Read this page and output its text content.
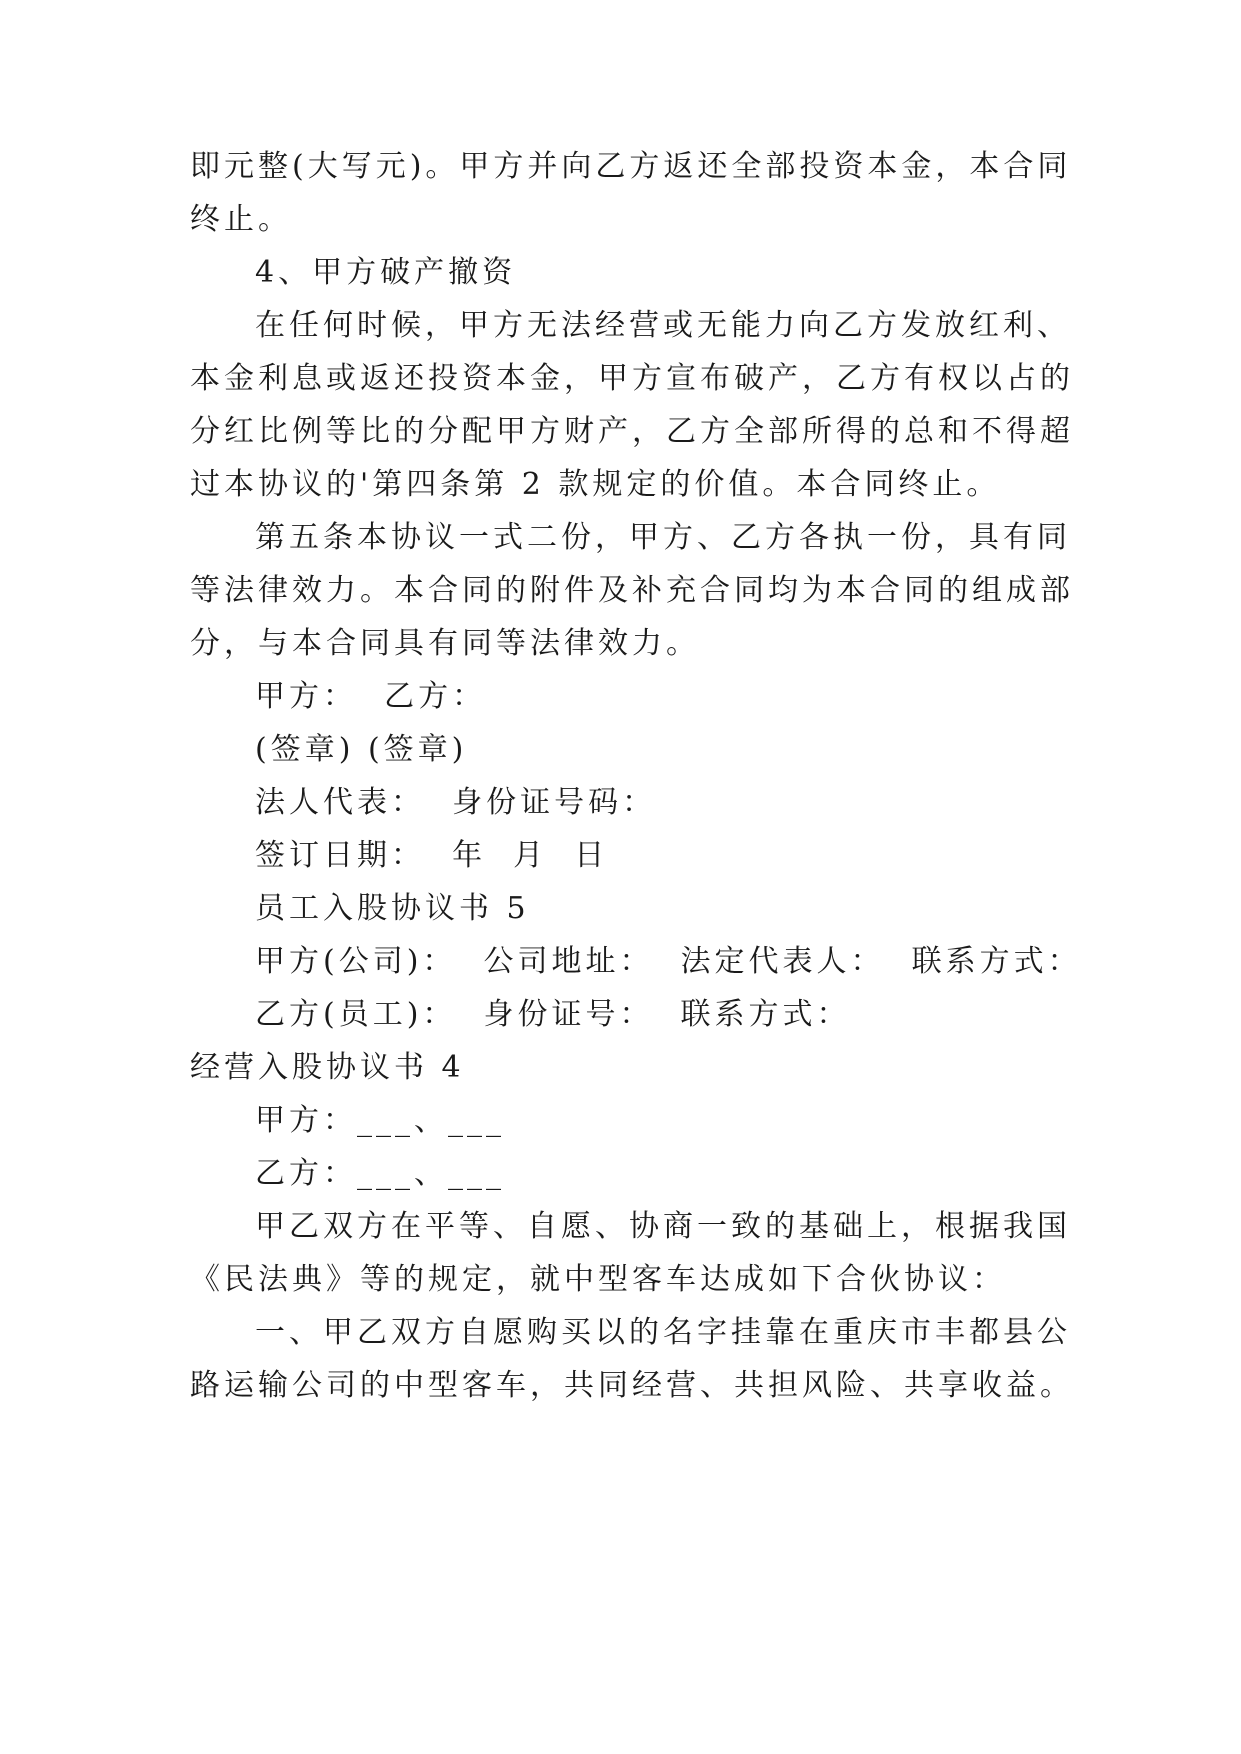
即元整(大写元)。甲方并向乙方返还全部投资本金，本合同
终止。
4、甲方破产撤资
在任何时候，甲方无法经营或无能力向乙方发放红利、
本金利息或返还投资本金，甲方宣布破产，乙方有权以占的
分红比例等比的分配甲方财产，乙方全部所得的总和不得超
过本协议的'第四条第 2 款规定的价值。本合同终止。
第五条本协议一式二份，甲方、乙方各执一份，具有同
等法律效力。本合同的附件及补充合同均为本合同的组成部
分，与本合同具有同等法律效力。
甲方：  乙方：
(签章) (签章)
法人代表：  身份证号码：
签订日期：  年  月  日
员工入股协议书 5
甲方(公司)：  公司地址：  法定代表人：  联系方式：
乙方(员工)：  身份证号：  联系方式：
经营入股协议书 4
甲方：___、___
乙方：___、___
甲乙双方在平等、自愿、协商一致的基础上，根据我国
《民法典》等的规定，就中型客车达成如下合伙协议：
一、甲乙双方自愿购买以的名字挂靠在重庆市丰都县公
路运输公司的中型客车，共同经营、共担风险、共享收益。
